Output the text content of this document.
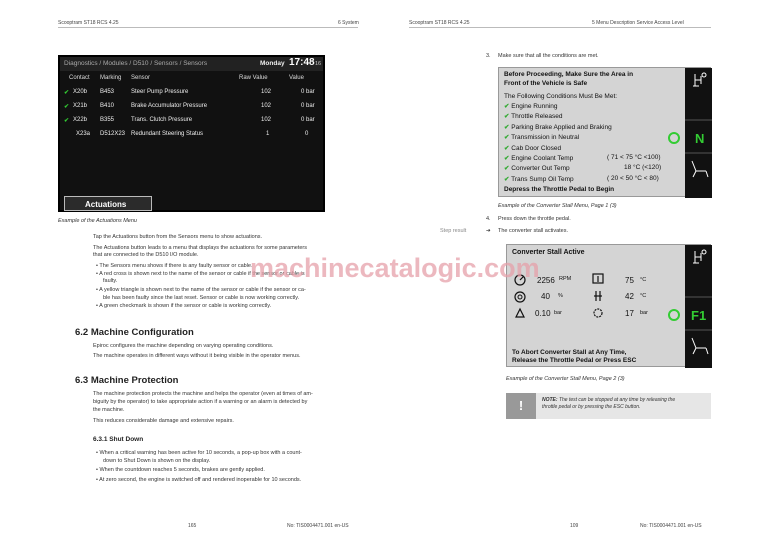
Scooptram ST18 RCS 4.25	6 System
Diagnostics / Modules / D510 / Sensors / Sensors	Monday 17:48 16
Contact Marking Sensor	Raw Value	Value
✔ X20b B453	Steer Pump Pressure	102	0 bar
✔ X21b B410	Brake Accumulator Pressure	102	0 bar
✔ X22b B355	Trans. Clutch Pressure	102	0 bar
X23a D512X23 Redundant Steering Status	1	0
Actuations
Example of the Actuations Menu
Tap the Actuations button from the Sensors menu to show actuations.
The Actuations button leads to a menu that displays the actuations for some parameters
that are connected to the D510 I/O module.
• The Sensors menu shows if there is any faulty sensor or cable.
• A red cross is shown next to the name of the sensor or cable if the sensor or cable is
faulty.
• A yellow triangle is shown next to the name of the sensor or cable if the sensor or ca-
ble has been faulty since the last reset. Sensor or cable is now working correctly.
• A green checkmark is shown if the sensor or cable is working correctly.
6.2 Machine Configuration
Epiroc configures the machine depending on varying operating conditions.
The machine operates in different ways without it being visible in the operator menus.
6.3 Machine Protection
The machine protection protects the machine and helps the operator (even at times of am-
biguity by the operator) to take appropriate action if a warning or an alarm is detected by
the machine.
This reduces considerable damage and extensive repairs.
6.3.1 Shut Down
• When a critical warning has been active for 10 seconds, a pop-up box with a count-
down to Shut Down is shown on the display.
• When the countdown reaches 5 seconds, brakes are gently applied.
• At zero second, the engine is switched off and rendered inoperable for 10 seconds.
165	No: TIS0004471.001 en-US
Scooptram ST18 RCS 4.25	5 Menu Description Service Access Level
3. Make sure that all the conditions are met.
Before Proceeding, Make Sure the Area in
Front of the Vehicle is Safe
The Following Conditions Must Be Met:
✔ Engine Running
✔ Throttle Released
✔ Parking Brake Applied and Braking
✔ Transmission in Neutral
✔ Cab Door Closed
✔ Engine Coolant Temp	( 71 < 75 °C <100)
✔ Converter Out Temp	18 °C (<120)
✔ Trans Sump Oil Temp	( 20 < 50 °C < 80)
Depress the Throttle Pedal to Begin
N
Example of the Converter Stall Menu, Page 1 (3)
4. Press down the throttle pedal.
Step result	➔ The converter stall activates.
Converter Stall Active
2256 RPM	75 °C
40 %	42 °C
0.10 bar	17 bar
To Abort Converter Stall at Any Time,
Release the Throttle Pedal or Press ESC
F1
Example of the Converter Stall Menu, Page 2 (3)
!	NOTE: The test can be stopped at any time by releasing the
throttle pedal or by pressing the ESC button.
109	No: TIS0004471.001 en-US
machinecatalogic.com
